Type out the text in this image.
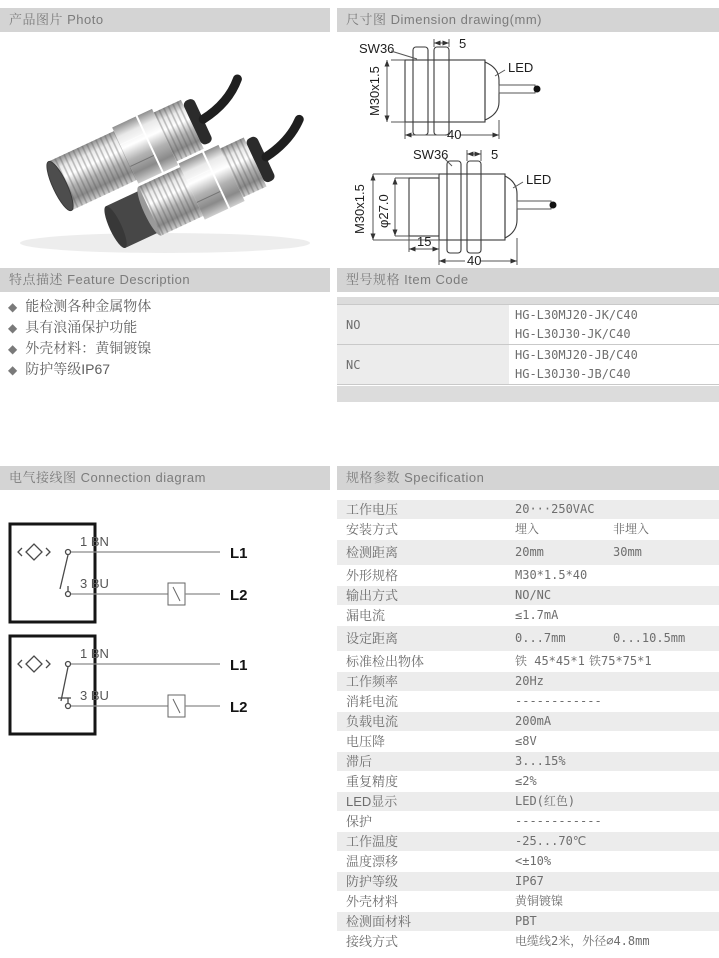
产品图片 Photo
特点描述 Feature Description
◆ 能检测各种金属物体
◆ 具有浪涌保护功能
◆ 外壳材料：黄铜镀镍
◆ 防护等级IP67
电气接线图 Connection diagram
1 BN
3 BU
L1
L2
1 BN
3 BU
L1
L2
尺寸图 Dimension drawing(mm)
SW36	5
M30x1.5
40
LED
SW36	5
M30x1.5 φ27.0
15
40
LED
型号规格 Item Code
NO
HG-L30MJ20-JK/C40
HG-L30J30-JK/C40
NC
HG-L30MJ20-JB/C40
HG-L30J30-JB/C40
规格参数 Specification
工作电压	20···250VAC
安装方式	埋入	非埋入
检测距离	20mm	30mm
外形规格	M30*1.5*40
输出方式	NO/NC
漏电流	≤1.7mA
设定距离	0...7mm	0...10.5mm
标准检出物体	铁 45*45*1 铁75*75*1
工作频率	20Hz
消耗电流	------------
负载电流	200mA
电压降	≤8V
滞后	3...15%
重复精度	≤2%
LED显示	LED(红色)
保护	------------
工作温度	-25...70℃
温度漂移	<±10%
防护等级	IP67
外壳材料	黄铜镀镍
检测面材料	PBT
接线方式	电缆线2米，外径∅4.8mm
